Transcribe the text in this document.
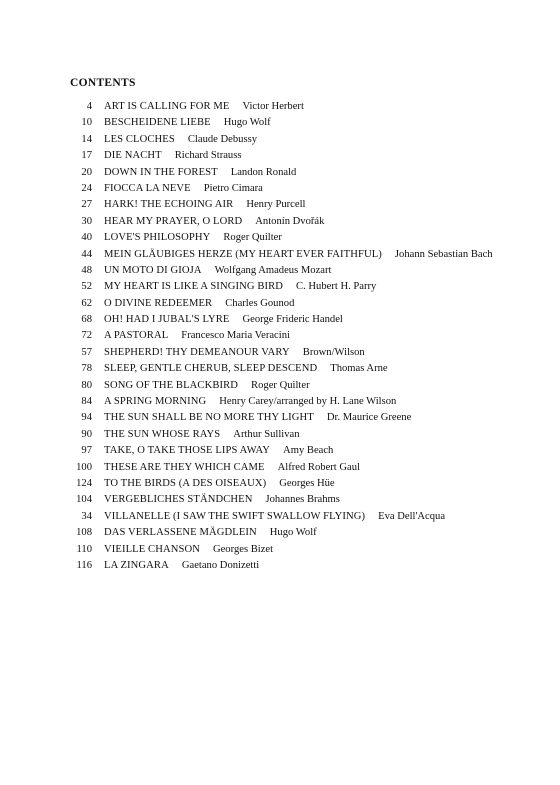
CONTENTS
4 ART IS CALLING FOR ME Victor Herbert
10 BESCHEIDENE LIEBE Hugo Wolf
14 LES CLOCHES Claude Debussy
17 DIE NACHT Richard Strauss
20 DOWN IN THE FOREST Landon Ronald
24 FIOCCA LA NEVE Pietro Cimara
27 HARK! THE ECHOING AIR Henry Purcell
30 HEAR MY PRAYER, O LORD Antonín Dvořák
40 LOVE'S PHILOSOPHY Roger Quilter
44 MEIN GLÄUBIGES HERZE (MY HEART EVER FAITHFUL) Johann Sebastian Bach
48 UN MOTO DI GIOJA Wolfgang Amadeus Mozart
52 MY HEART IS LIKE A SINGING BIRD C. Hubert H. Parry
62 O DIVINE REDEEMER Charles Gounod
68 OH! HAD I JUBAL'S LYRE George Frideric Handel
72 A PASTORAL Francesco Maria Veracini
57 SHEPHERD! THY DEMEANOUR VARY Brown/Wilson
78 SLEEP, GENTLE CHERUB, SLEEP DESCEND Thomas Arne
80 SONG OF THE BLACKBIRD Roger Quilter
84 A SPRING MORNING Henry Carey/arranged by H. Lane Wilson
94 THE SUN SHALL BE NO MORE THY LIGHT Dr. Maurice Greene
90 THE SUN WHOSE RAYS Arthur Sullivan
97 TAKE, O TAKE THOSE LIPS AWAY Amy Beach
100 THESE ARE THEY WHICH CAME Alfred Robert Gaul
124 TO THE BIRDS (A DES OISEAUX) Georges Hüe
104 VERGEBLICHES STÄNDCHEN Johannes Brahms
34 VILLANELLE (I SAW THE SWIFT SWALLOW FLYING) Eva Dell'Acqua
108 DAS VERLASSENE MÄGDLEIN Hugo Wolf
110 VIEILLE CHANSON Georges Bizet
116 LA ZINGARA Gaetano Donizetti
